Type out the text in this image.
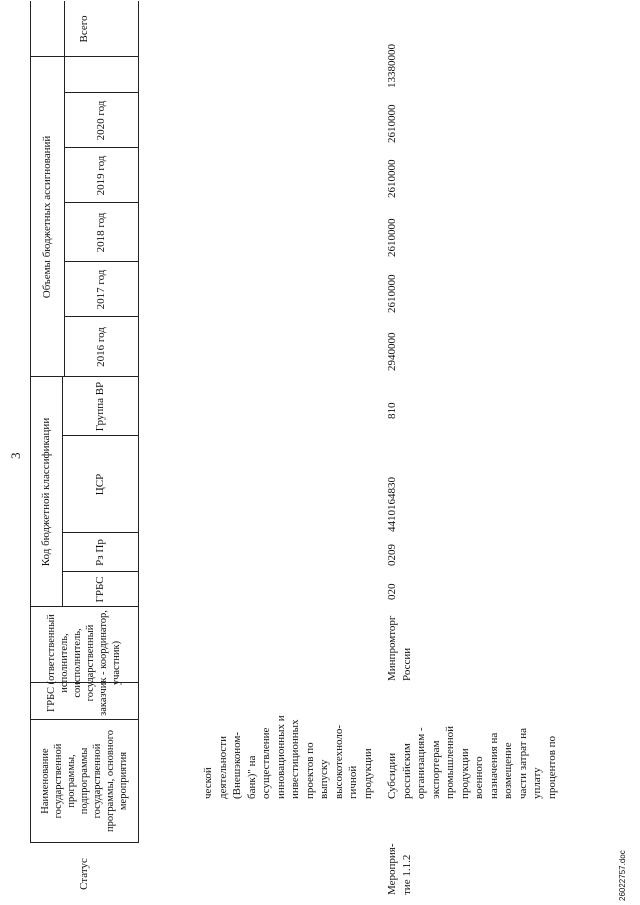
3
Статус
Наименование государственной программы, подпрограммы государственной программы, основного мероприятия
ГРБС (ответственный исполнитель, соисполнитель, государственный заказчик - координатор, участник)
Код бюджетной классификации
Объемы бюджетных ассигнований
ГРБС
Рз Пр
ЦСР
Группа ВР
2016 год
2017 год
2018 год
2019 год
2020 год
Всего
ческой деятельности (Внешэконом- банк)" на осуществление инновационных и инвестиционных проектов по выпуску высокотехноло- гичной продукции
Мероприя- тие 1.1.2
Субсидии российским организациям - экспортерам промышленной продукции военного назначения на возмещение части затрат на уплату процентов по
Минпромторг России
020
0209
4410164830
810
2940000
2610000
2610000
2610000
2610000
13380000
26022757.doc
